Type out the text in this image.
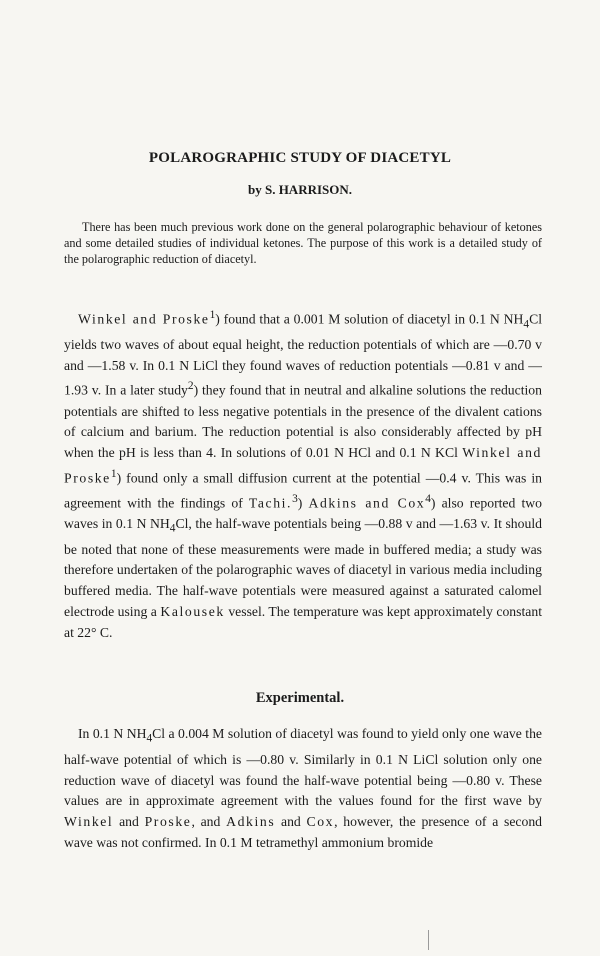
POLAROGRAPHIC STUDY OF DIACETYL
by S. HARRISON.

There has been much previous work done on the general polarographic behaviour of ketones and some detailed studies of individual ketones. The purpose of this work is a detailed study of the polarographic reduction of diacetyl.

Winkel and Proske$^1$) found that a 0.001 M solution of diacetyl in 0.1 N $NH_4Cl$ yields two waves of about equal height, the reduction potentials of which are —0.70 v and —1.58 v. In 0.1 N LiCl they found waves of reduction potentials —0.81 v and —1.93 v. In a later study$^2$) they found that in neutral and alkaline solutions the reduction potentials are shifted to less negative potentials in the presence of the divalent cations of calcium and barium. The reduction potential is also considerably affected by pH when the pH is less than 4. In solutions of 0.01 N HCl and 0.1 N KCl Winkel and Proske$^1$) found only a small diffusion current at the potential —0.4 v. This was in agreement with the findings of Tachi.$^3$) Adkins and Cox$^4$) also reported two waves in 0.1 N $NH_4Cl$, the half-wave potentials being —0.88 v and —1.63 v. It should be noted that none of these measurements were made in buffered media; a study was therefore undertaken of the polarographic waves of diacetyl in various media including buffered media. The half-wave potentials were measured against a saturated calomel electrode using a Kalousek vessel. The temperature was kept approximately constant at 22° C.

Experimental.

In 0.1 N $NH_4Cl$ a 0.004 M solution of diacetyl was found to yield only one wave the half-wave potential of which is —0.80 v. Similarly in 0.1 N LiCl solution only one reduction wave of diacetyl was found the half-wave potential being —0.80 v. These values are in approximate agreement with the values found for the first wave by Winkel and Proske, and Adkins and Cox, however, the presence of a second wave was not confirmed. In 0.1 M tetramethyl ammonium bromide
